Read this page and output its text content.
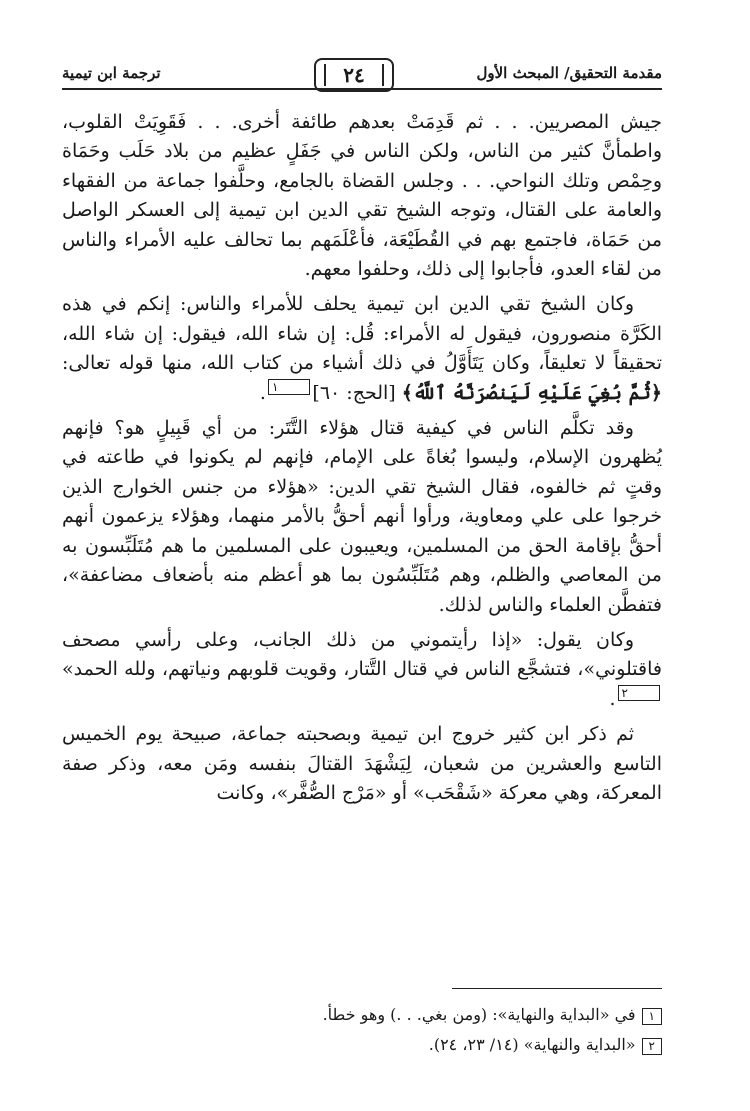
مقدمة التحقيق/ المبحث الأول
٢٤
ترجمة ابن تيمية

جيش المصريين. . . ثم قَدِمَتْ بعدهم طائفة أخرى. . . فَقَوِيَتْ القلوب، واطمأنَّ كثير من الناس، ولكن الناس في جَفَلٍ عظيم من بلاد حَلَب وحَمَاة وحِمْص وتلك النواحي. . . وجلس القضاة بالجامع، وحلَّفوا جماعة من الفقهاء والعامة على القتال، وتوجه الشيخ تقي الدين ابن تيمية إلى العسكر الواصل من حَمَاة، فاجتمع بهم في القُطَيْعَة، فأعْلَمَهم بما تحالف عليه الأمراء والناس من لقاء العدو، فأجابوا إلى ذلك، وحلفوا معهم.

وكان الشيخ تقي الدين ابن تيمية يحلف للأمراء والناس: إنكم في هذه الكَرَّة منصورون، فيقول له الأمراء: قُل: إن شاء الله، فيقول: إن شاء الله، تحقيقاً لا تعليقاً، وكان يَتَأَوَّلُ في ذلك أشياء من كتاب الله، منها قوله تعالى: ﴿ثُمَّ بُغِيَ عَلَيْهِ لَيَنصُرَنَّهُ ٱللَّهُ﴾ [الحج: ٦٠]١.

وقد تكلَّم الناس في كيفية قتال هؤلاء التَّتَر: من أي قَبِيلٍ هو؟ فإنهم يُظهرون الإسلام، وليسوا بُغاةً على الإمام، فإنهم لم يكونوا في طاعته في وقتٍ ثم خالفوه، فقال الشيخ تقي الدين: «هؤلاء من جنس الخوارج الذين خرجوا على علي ومعاوية، ورأوا أنهم أحقُّ بالأمر منهما، وهؤلاء يزعمون أنهم أحقُّ بإقامة الحق من المسلمين، ويعيبون على المسلمين ما هم مُتَلَبِّسون به من المعاصي والظلم، وهم مُتَلَبِّسُون بما هو أعظم منه بأضعاف مضاعفة»، فتفطَّن العلماء والناس لذلك.

وكان يقول: «إذا رأيتموني من ذلك الجانب، وعلى رأسي مصحف فاقتلوني»، فتشجَّع الناس في قتال التَّتار، وقويت قلوبهم ونياتهم، ولله الحمد»٢.

ثم ذكر ابن كثير خروج ابن تيمية وبصحبته جماعة، صبيحة يوم الخميس التاسع والعشرين من شعبان، لِيَشْهَدَ القتالَ بنفسه ومَن معه، وذكر صفة المعركة، وهي معركة «شَقْحَب» أو «مَرْج الصُّفَّر»، وكانت

١في «البداية والنهاية»: (ومن بغي. . .) وهو خطأ.
٢«البداية والنهاية» (١٤/ ٢٣، ٢٤).
